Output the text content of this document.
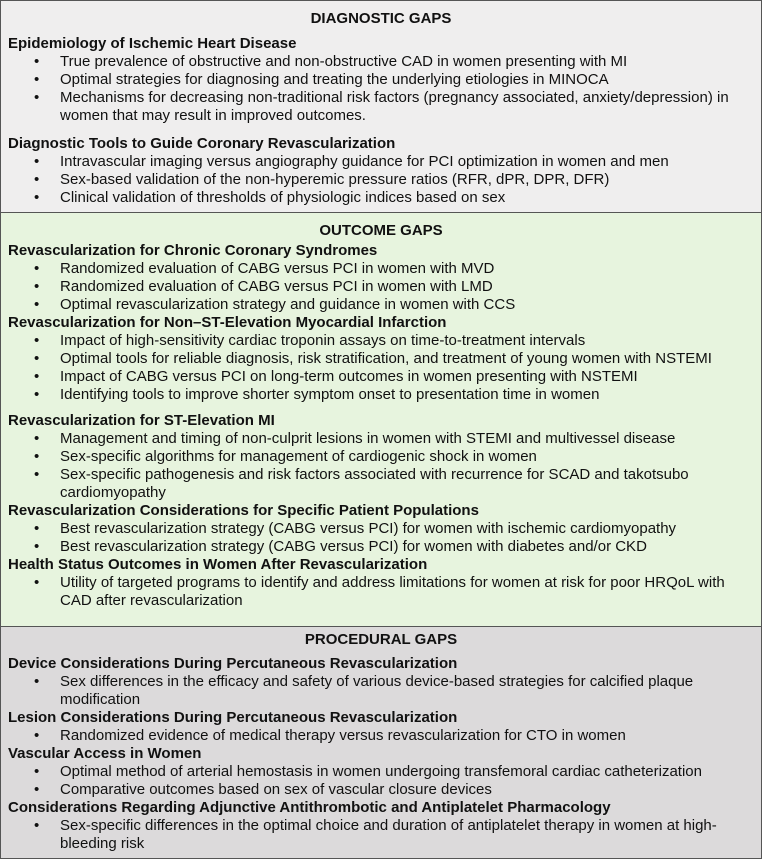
DIAGNOSTIC GAPS

Epidemiology of Ischemic Heart Disease

• True prevalence of obstructive and non-obstructive CAD in women presenting with MI
• Optimal strategies for diagnosing and treating the underlying etiologies in MINOCA
• Mechanisms for decreasing non-traditional risk factors (pregnancy associated, anxiety/depression) in women that may result in improved outcomes.

Diagnostic Tools to Guide Coronary Revascularization

• Intravascular imaging versus angiography guidance for PCI optimization in women and men
• Sex-based validation of the non-hyperemic pressure ratios (RFR, dPR, DPR, DFR)
• Clinical validation of thresholds of physiologic indices based on sex

OUTCOME GAPS

Revascularization for Chronic Coronary Syndromes

• Randomized evaluation of CABG versus PCI in women with MVD
• Randomized evaluation of CABG versus PCI in women with LMD
• Optimal revascularization strategy and guidance in women with CCS

Revascularization for Non–ST-Elevation Myocardial Infarction

• Impact of high-sensitivity cardiac troponin assays on time-to-treatment intervals
• Optimal tools for reliable diagnosis, risk stratification, and treatment of young women with NSTEMI
• Impact of CABG versus PCI on long-term outcomes in women presenting with NSTEMI
• Identifying tools to improve shorter symptom onset to presentation time in women

Revascularization for ST-Elevation MI

• Management and timing of non-culprit lesions in women with STEMI and multivessel disease
• Sex-specific algorithms for management of cardiogenic shock in women
• Sex-specific pathogenesis and risk factors associated with recurrence for SCAD and takotsubo cardiomyopathy

Revascularization Considerations for Specific Patient Populations

• Best revascularization strategy (CABG versus PCI) for women with ischemic cardiomyopathy
• Best revascularization strategy (CABG versus PCI) for women with diabetes and/or CKD

Health Status Outcomes in Women After Revascularization

• Utility of targeted programs to identify and address limitations for women at risk for poor HRQoL with CAD after revascularization

PROCEDURAL GAPS

Device Considerations During Percutaneous Revascularization

• Sex differences in the efficacy and safety of various device-based strategies for calcified plaque modification

Lesion Considerations During Percutaneous Revascularization

• Randomized evidence of medical therapy versus revascularization for CTO in women

Vascular Access in Women

• Optimal method of arterial hemostasis in women undergoing transfemoral cardiac catheterization
• Comparative outcomes based on sex of vascular closure devices

Considerations Regarding Adjunctive Antithrombotic and Antiplatelet Pharmacology

• Sex-specific differences in the optimal choice and duration of antiplatelet therapy in women at high-bleeding risk
